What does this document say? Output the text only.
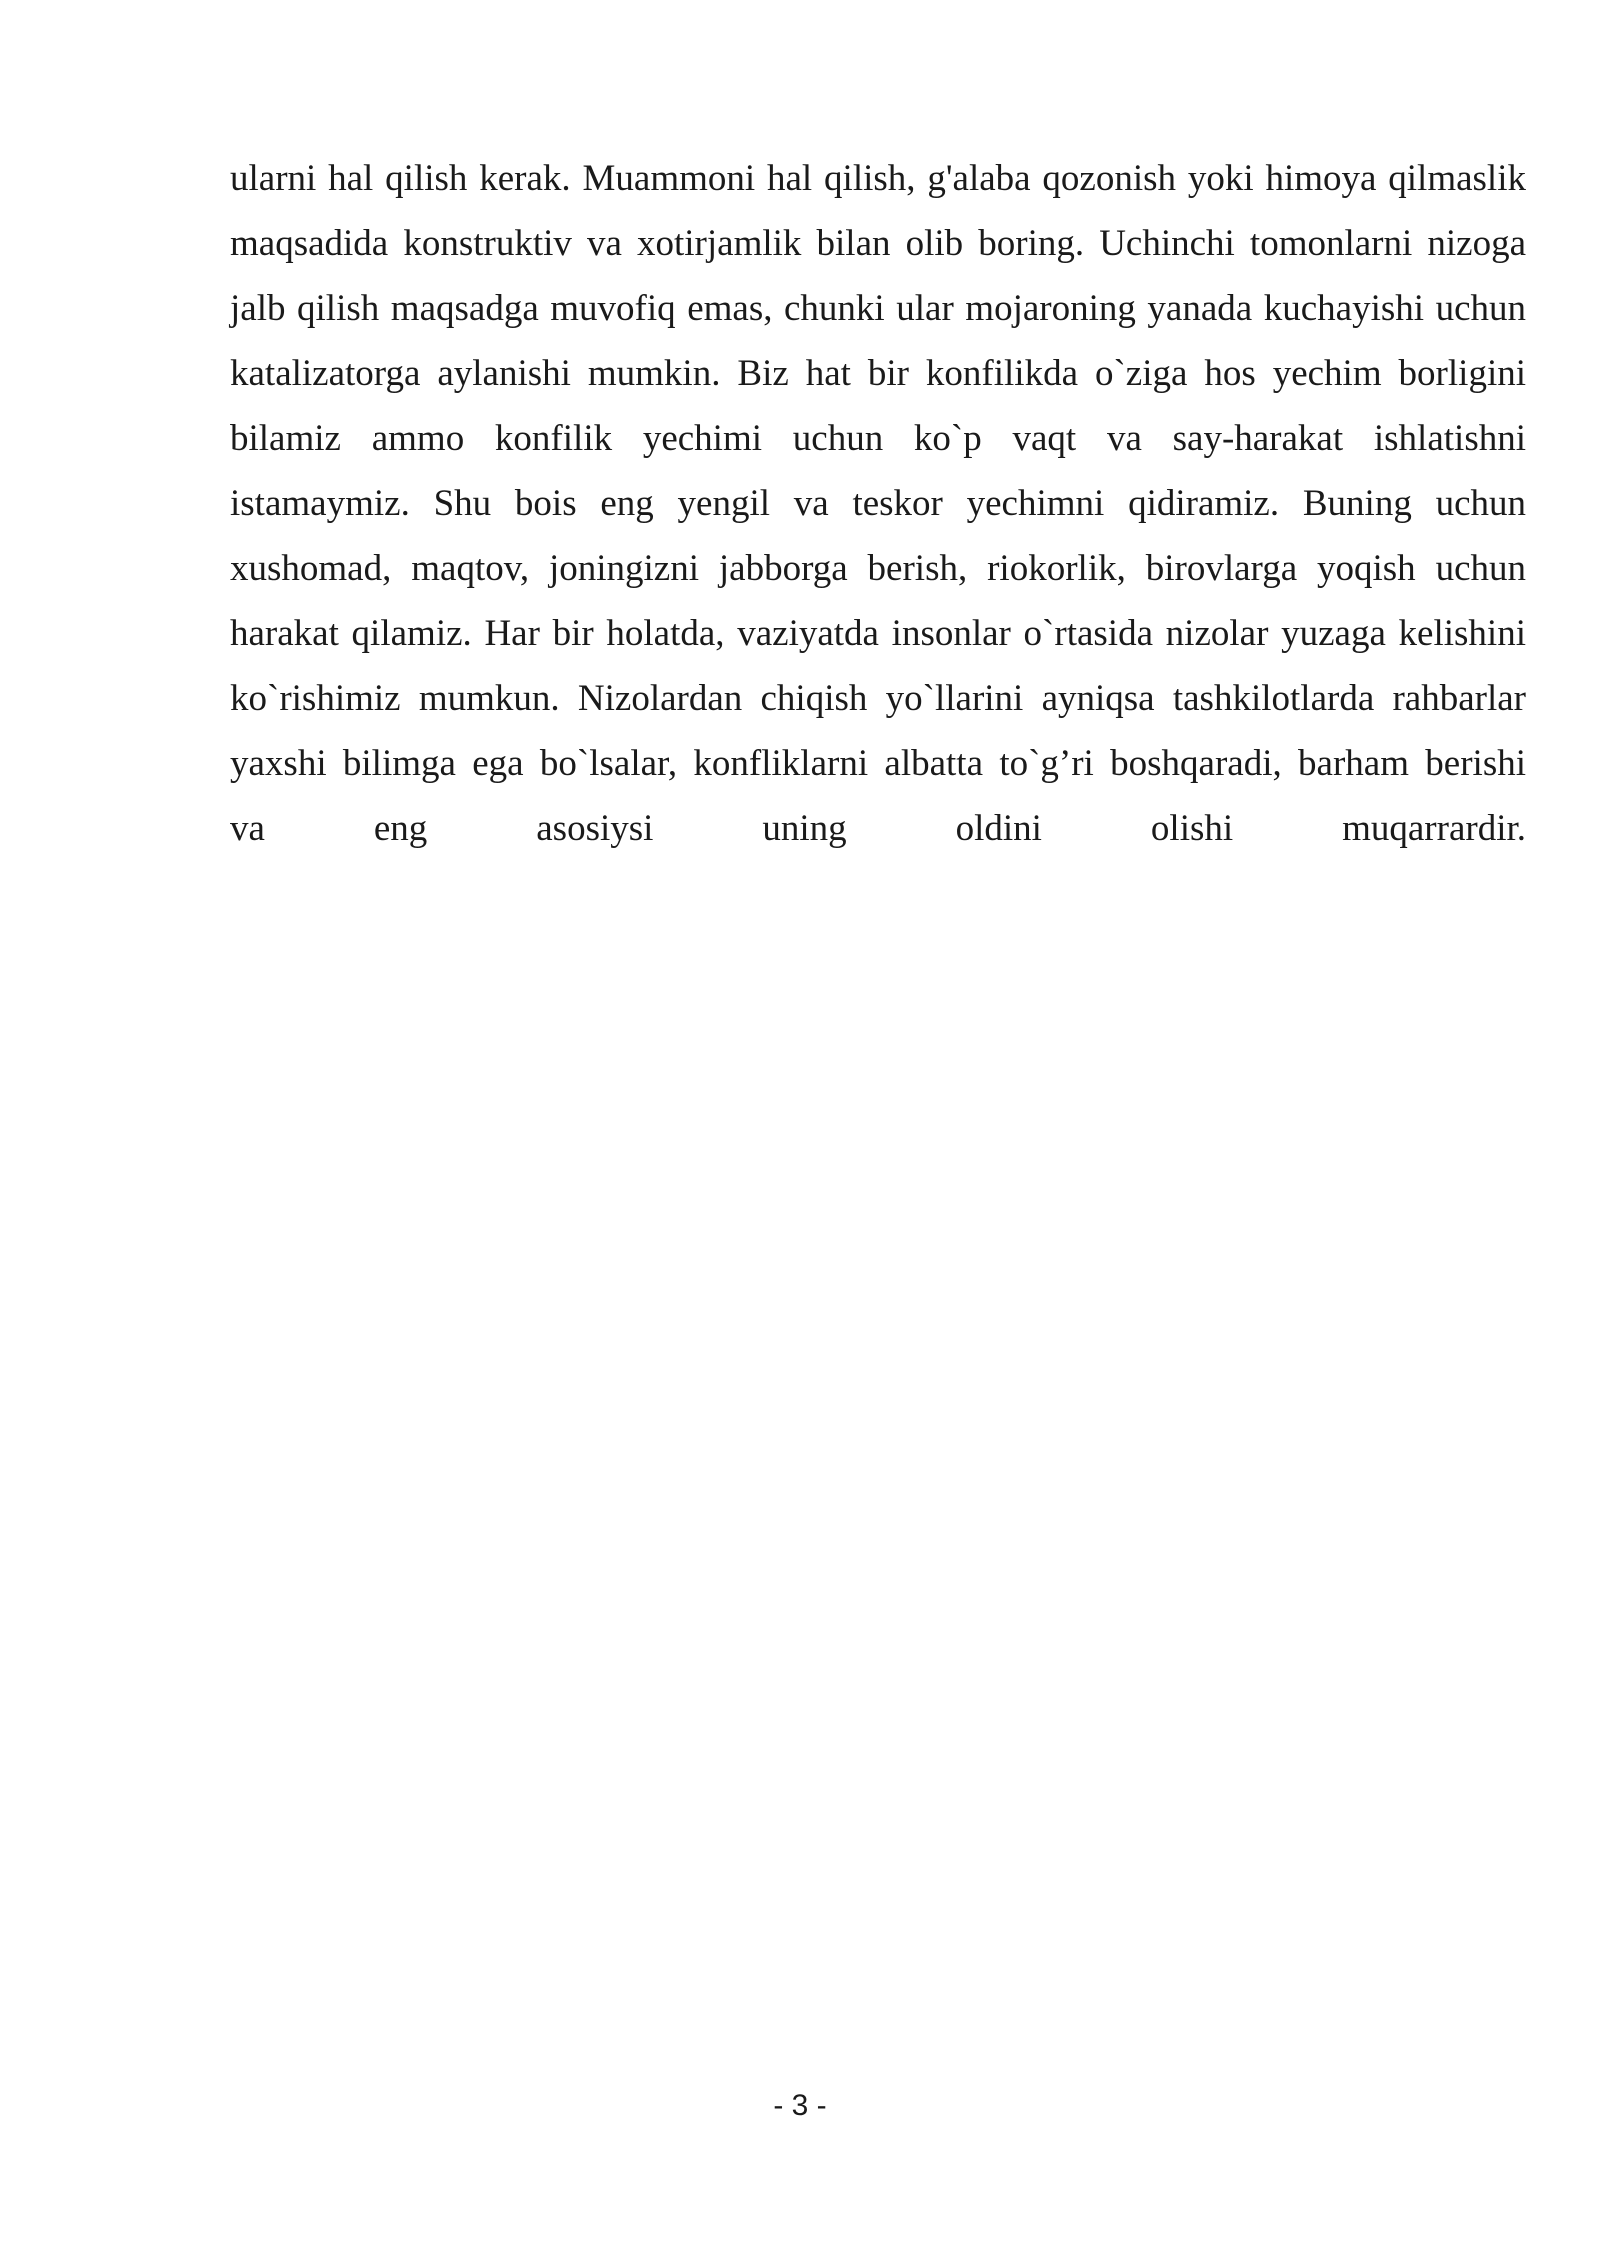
ularni hal qilish kerak. Muammoni hal qilish, g'alaba qozonish yoki himoya qilmaslik
maqsadida konstruktiv va xotirjamlik bilan olib boring. Uchinchi tomonlarni nizoga
jalb qilish maqsadga muvofiq emas, chunki ular mojaroning yanada kuchayishi uchun
katalizatorga aylanishi mumkin. Biz hat bir konfilikda o`ziga hos yechim borligini
bilamiz ammo konfilik yechimi uchun ko`p vaqt va say-harakat ishlatishni
istamaymiz. Shu bois eng yengil va teskor yechimni qidiramiz. Buning uchun
xushomad, maqtov, joningizni jabborga berish, riokorlik, birovlarga yoqish uchun
harakat qilamiz. Har bir holatda, vaziyatda insonlar o`rtasida nizolar yuzaga kelishini
ko`rishimiz mumkun. Nizolardan chiqish yo`llarini ayniqsa tashkilotlarda rahbarlar
yaxshi bilimga ega bo`lsalar, konfliklarni albatta to`g’ri boshqaradi, barham berishi
va eng asosiysi uning oldini olishi muqarrardir.

- 3 -
